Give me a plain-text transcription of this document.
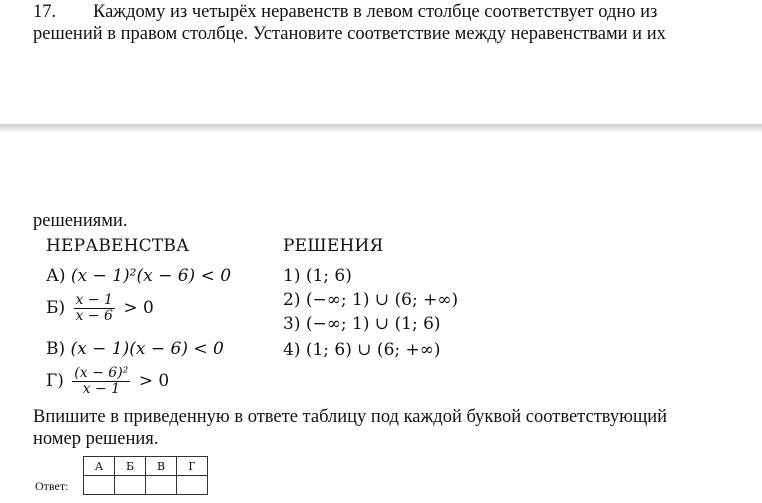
17. Каждому из четырёх неравенств в левом столбце соответствует одно из
решений в правом столбце. Установите соответствие между неравенствами и их
решениями.
НЕРАВЕНСТВА
А) (x − 1)²(x − 6) < 0
$Б) \frac{x - 1}{x - 6} > 0$
В) (x − 1)(x − 6) < 0
$Г) \frac{\text{(x − 6)²}}{x - 1} > 0$
РЕШЕНИЯ
1) (1; 6)
2) (−∞; 1) ∪ (6; +∞)
3) (−∞; 1) ∪ (1; 6)
4) (1; 6) ∪ (6; +∞)
Впишите в приведенную в ответе таблицу под каждой буквой соответствующий
номер решения.
Ответ:
А	Б	В	Г
